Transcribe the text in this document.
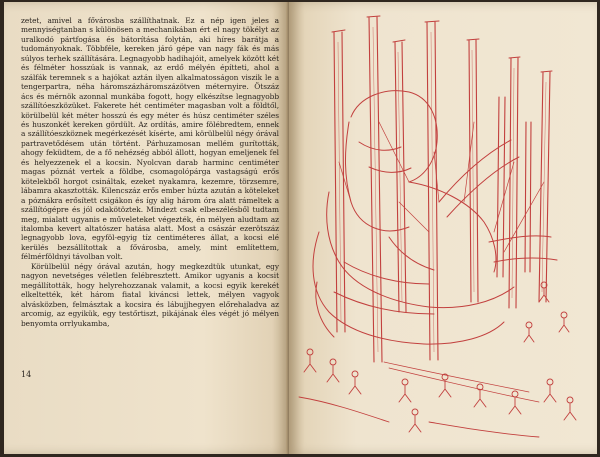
zetet, amivel a fővárosba szállíthatnak. Ez a nép igen jeles a mennyiségtanban s különösen a mechanikában ért el nagy tökélyt az uralkodó pártfogása és bátorítása folytán, aki híres barátja a tudományoknak. Többféle, kereken járó gépe van nagy fák és más súlyos terhek szállítására. Legnagyobb hadihajóit, amelyek között két és félméter hosszúak is vannak, az erdő mélyén építteti, ahol a szálfák teremnek s a hajókat aztán ilyen alkalmatosságon viszik le a tengerpartra, néha háromszázháromszázötven méternyire. Ötszáz ács és mérnök azonnal munkába fogott, hogy elkészítse legnagyobb szállítóeszközüket. Fakerete hét centiméter magasban volt a földtől, körülbelül két méter hosszú és egy méter és húsz centiméter széles és huszonkét kereken gördült. Az ordítás, amire fölébredtem, ennek a szállítóeszköznek megérkezését kísérte, ami körülbelül négy órával partravetődésem után történt. Párhuzamosan mellém gurították, ahogy feküdtem, de a fő nehézség abból állott, hogyan emeljenek fel és helyezzenek el a kocsin. Nyolcvan darab harminc centiméter magas póznát vertek a földbe, csomagolópárga vastagságú erős kötelekből horgot csináltak, ezeket nyakamra, kezemre, törzsemre, lábamra akasztották. Kilencszáz erős ember húzta azután a köteleket a póznákra erősített csigákon és így alig három óra alatt rámeltek a szállítógépre és jól odakötöztek. Mindezt csak elbeszélésből tudtam meg, mialatt ugyanis e műveleteket végezték, én mélyen aludtam az italomba kevert altatószer hatása alatt. Most a császár ezerötszáz legnagyobb lova, egyföl-egyig tíz centiméteres állat, a kocsi elé kerülés bezsállítottak a fővárosba, amely, mint említettem, félmérföldnyi távolban volt.

Körülbelül négy órával azután, hogy megkezdtük utunkat, egy nagyon nevetséges véletlen felébresztett. Amikor ugyanis a kocsit megállították, hogy helyrehozzanak valamit, a kocsi egyik kerekét elkeltették, két három fiatal kiváncsi lettek, mélyen vagyok alvásközben, felmásztak a kocsira és lábujjhegyen előrehaladva az arcomig, az egyikük, egy testőrtiszt, pikájának éles végét jó mélyen benyomta orrlyukamba,

14
